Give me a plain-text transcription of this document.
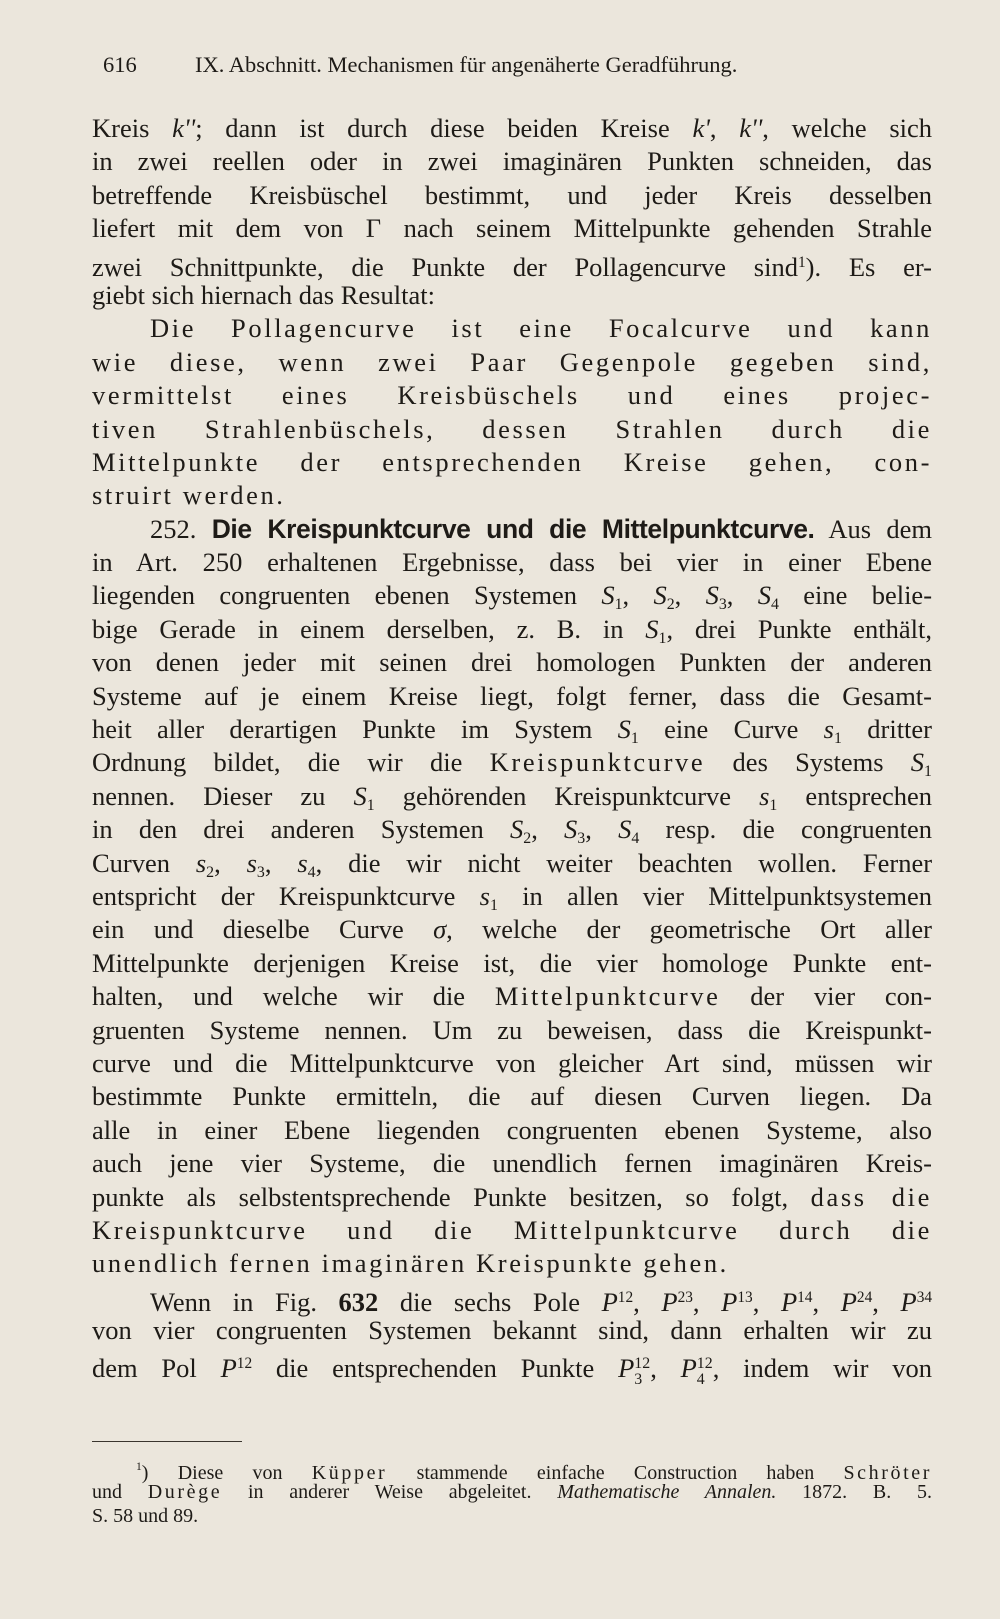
616	IX. Abschnitt. Mechanismen für angenäherte Geradführung.
Kreis k''; dann ist durch diese beiden Kreise k', k'', welche sich
in zwei reellen oder in zwei imaginären Punkten schneiden, das
betreffende Kreisbüschel bestimmt, und jeder Kreis desselben
liefert mit dem von Γ nach seinem Mittelpunkte gehenden Strahle
zwei Schnittpunkte, die Punkte der Pollagencurve sind$^1$). Es er-
giebt sich hiernach das Resultat:
Die Pollagencurve ist eine Focalcurve und kann
wie diese, wenn zwei Paar Gegenpole gegeben sind,
vermittelst eines Kreisbüschels und eines projec-
tiven Strahlenbüschels, dessen Strahlen durch die
Mittelpunkte der entsprechenden Kreise gehen, con-
struirt werden.
252. Die Kreispunktcurve und die Mittelpunktcurve. Aus dem
in Art. 250 erhaltenen Ergebnisse, dass bei vier in einer Ebene
liegenden congruenten ebenen Systemen $S_1$, $S_2$, $S_3$, $S_4$ eine belie-
bige Gerade in einem derselben, z. B. in $S_1$, drei Punkte enthält,
von denen jeder mit seinen drei homologen Punkten der anderen
Systeme auf je einem Kreise liegt, folgt ferner, dass die Gesamt-
heit aller derartigen Punkte im System $S_1$ eine Curve $s_1$ dritter
Ordnung bildet, die wir die Kreispunktcurve des Systems $S_1$
nennen. Dieser zu $S_1$ gehörenden Kreispunktcurve $s_1$ entsprechen
in den drei anderen Systemen $S_2$, $S_3$, $S_4$ resp. die congruenten
Curven $s_2$, $s_3$, $s_4$, die wir nicht weiter beachten wollen. Ferner
entspricht der Kreispunktcurve $s_1$ in allen vier Mittelpunktsystemen
ein und dieselbe Curve σ, welche der geometrische Ort aller
Mittelpunkte derjenigen Kreise ist, die vier homologe Punkte ent-
halten, und welche wir die Mittelpunktcurve der vier con-
gruenten Systeme nennen. Um zu beweisen, dass die Kreispunkt-
curve und die Mittelpunktcurve von gleicher Art sind, müssen wir
bestimmte Punkte ermitteln, die auf diesen Curven liegen. Da
alle in einer Ebene liegenden congruenten ebenen Systeme, also
auch jene vier Systeme, die unendlich fernen imaginären Kreis-
punkte als selbstentsprechende Punkte besitzen, so folgt, dass die
Kreispunktcurve und die Mittelpunktcurve durch die
unendlich fernen imaginären Kreispunkte gehen.
Wenn in Fig. 632 die sechs Pole $P^{12}$, $P^{23}$, $P^{13}$, $P^{14}$, $P^{24}$, $P^{34}$
von vier congruenten Systemen bekannt sind, dann erhalten wir zu
dem Pol $P^{12}$ die entsprechenden Punkte P12
3 , P12
4 , indem wir von
$^1$) Diese von Küpper stammende einfache Construction haben Schröter
und Durège in anderer Weise abgeleitet. Mathematische Annalen. 1872. B. 5.
S. 58 und 89.
